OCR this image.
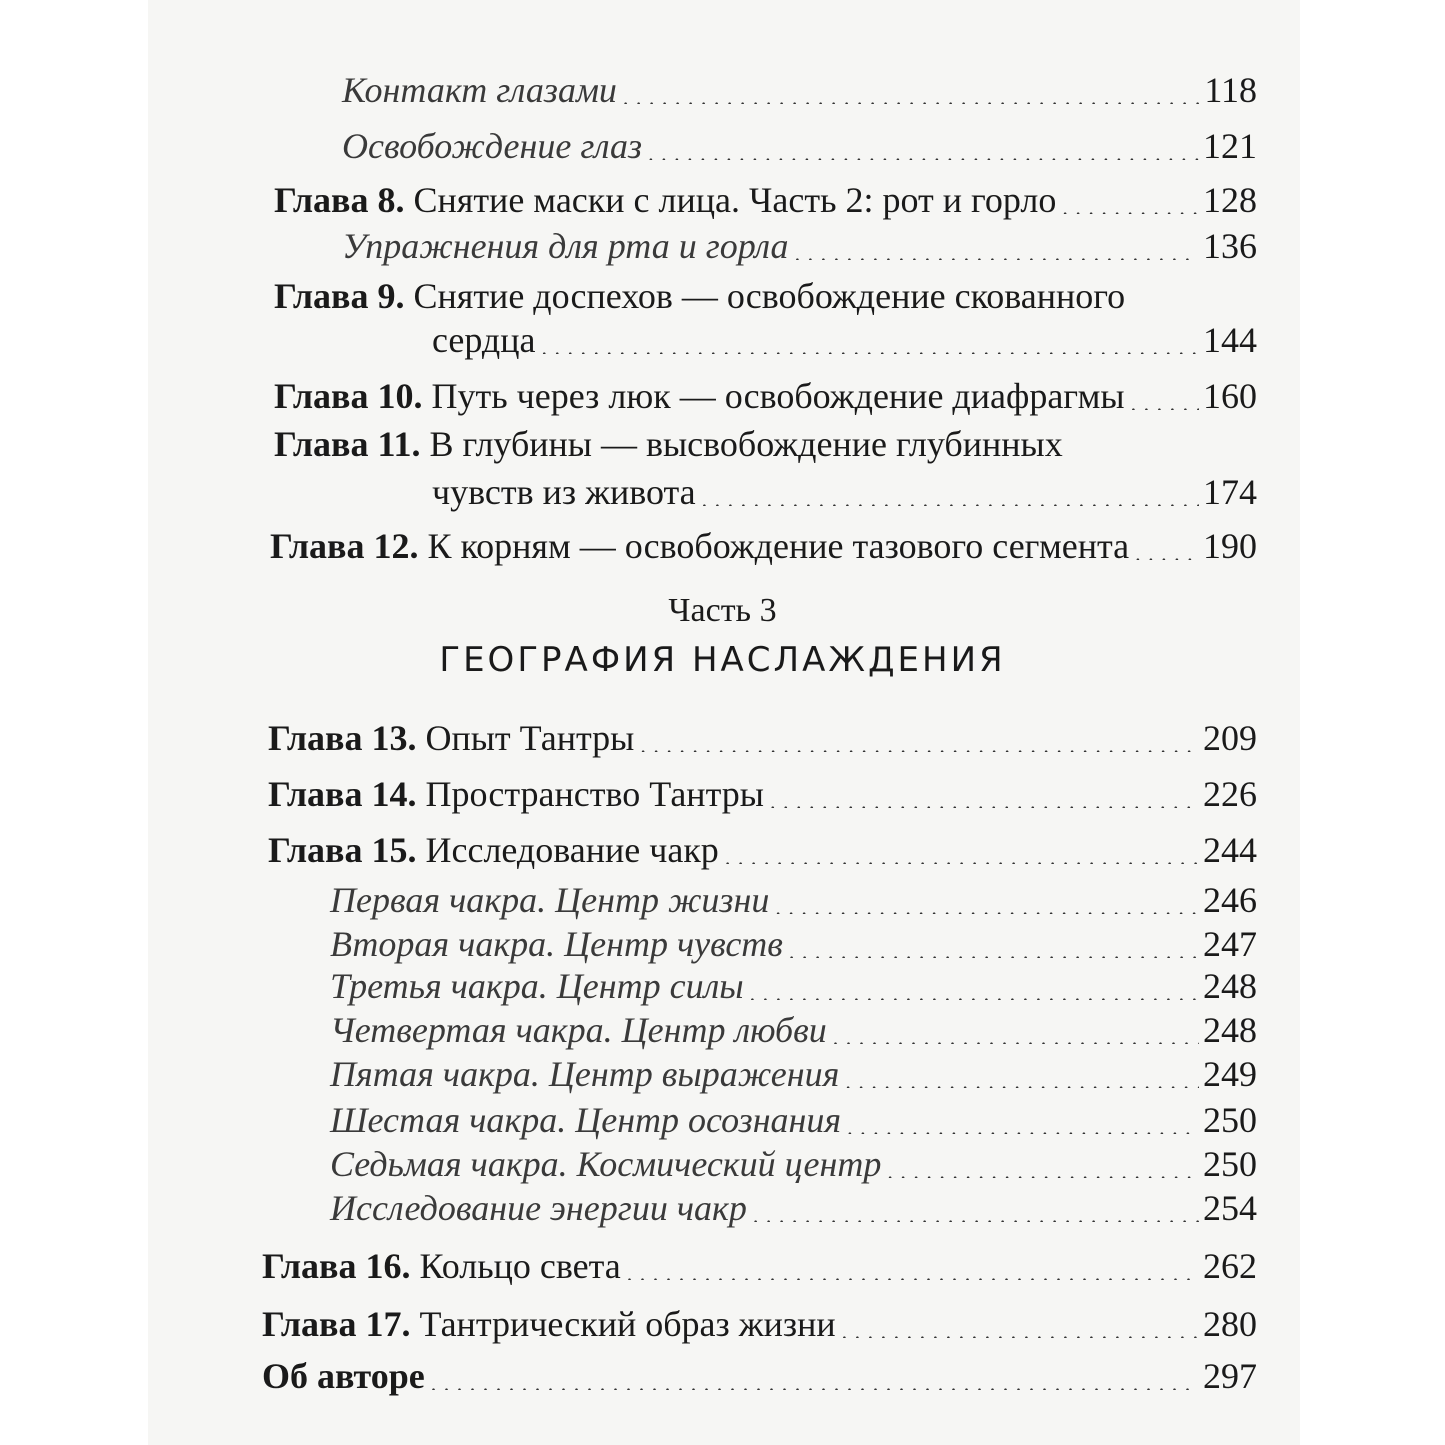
Контакт глазами . . .	118
Освобождение глаз . . .	121
Глава 8. Снятие маски с лица. Часть 2: рот и горло . . .	128
Упражнения для рта и горла . . .	136
Глава 9. Снятие доспехов — освобождение скованного
сердца . . .	144
Глава 10. Путь через люк — освобождение диафрагмы . . . 160
Глава 11. В глубины — высвобождение глубинных
чувств из живота . . .	174
Глава 12. К корням — освобождение тазового сегмента . . . 190
Часть 3
ГЕОГРАФИЯ НАСЛАЖДЕНИЯ
Глава 13. Опыт Тантры . . .	209
Глава 14. Пространство Тантры . . .	226
Глава 15. Исследование чакр . . .	244
Первая чакра. Центр жизни . . .	246
Вторая чакра. Центр чувств . . .	247
Третья чакра. Центр силы . . .	248
Четвертая чакра. Центр любви . . .	248
Пятая чакра. Центр выражения . . .	249
Шестая чакра. Центр осознания . . .	250
Седьмая чакра. Космический центр . . .	250
Исследование энергии чакр . . .	254
Глава 16. Кольцо света . . .	262
Глава 17. Тантрический образ жизни . . .	280
Об авторе . . .	297
